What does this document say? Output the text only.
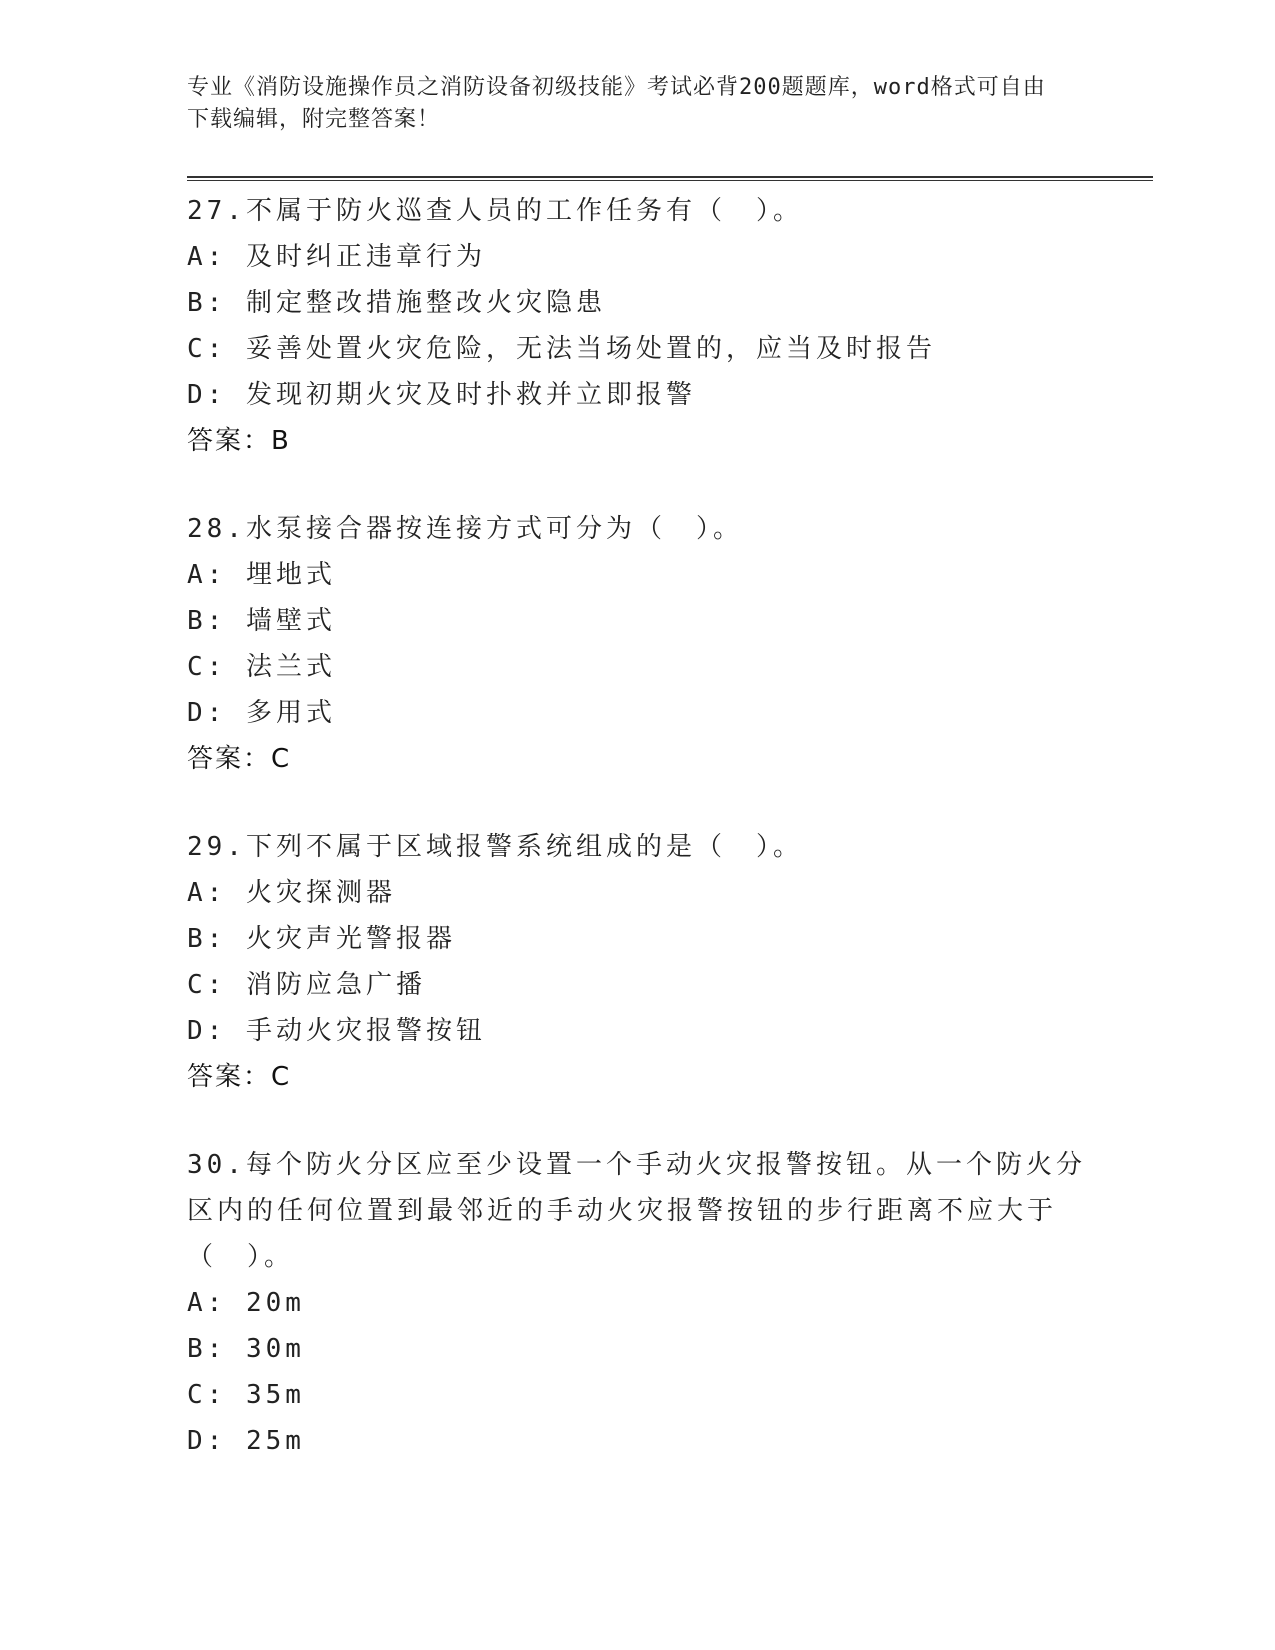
专业《消防设施操作员之消防设备初级技能》考试必背200题题库，word格式可自由下载编辑，附完整答案！
27.不属于防火巡查人员的工作任务有（　）。
A: 及时纠正违章行为
B: 制定整改措施整改火灾隐患
C: 妥善处置火灾危险，无法当场处置的，应当及时报告
D: 发现初期火灾及时扑救并立即报警
答案：B
28.水泵接合器按连接方式可分为（　）。
A: 埋地式
B: 墙壁式
C: 法兰式
D: 多用式
答案：C
29.下列不属于区域报警系统组成的是（　）。
A: 火灾探测器
B: 火灾声光警报器
C: 消防应急广播
D: 手动火灾报警按钮
答案：C
30.每个防火分区应至少设置一个手动火灾报警按钮。从一个防火分区内的任何位置到最邻近的手动火灾报警按钮的步行距离不应大于（　）。
A: 20m
B: 30m
C: 35m
D: 25m
